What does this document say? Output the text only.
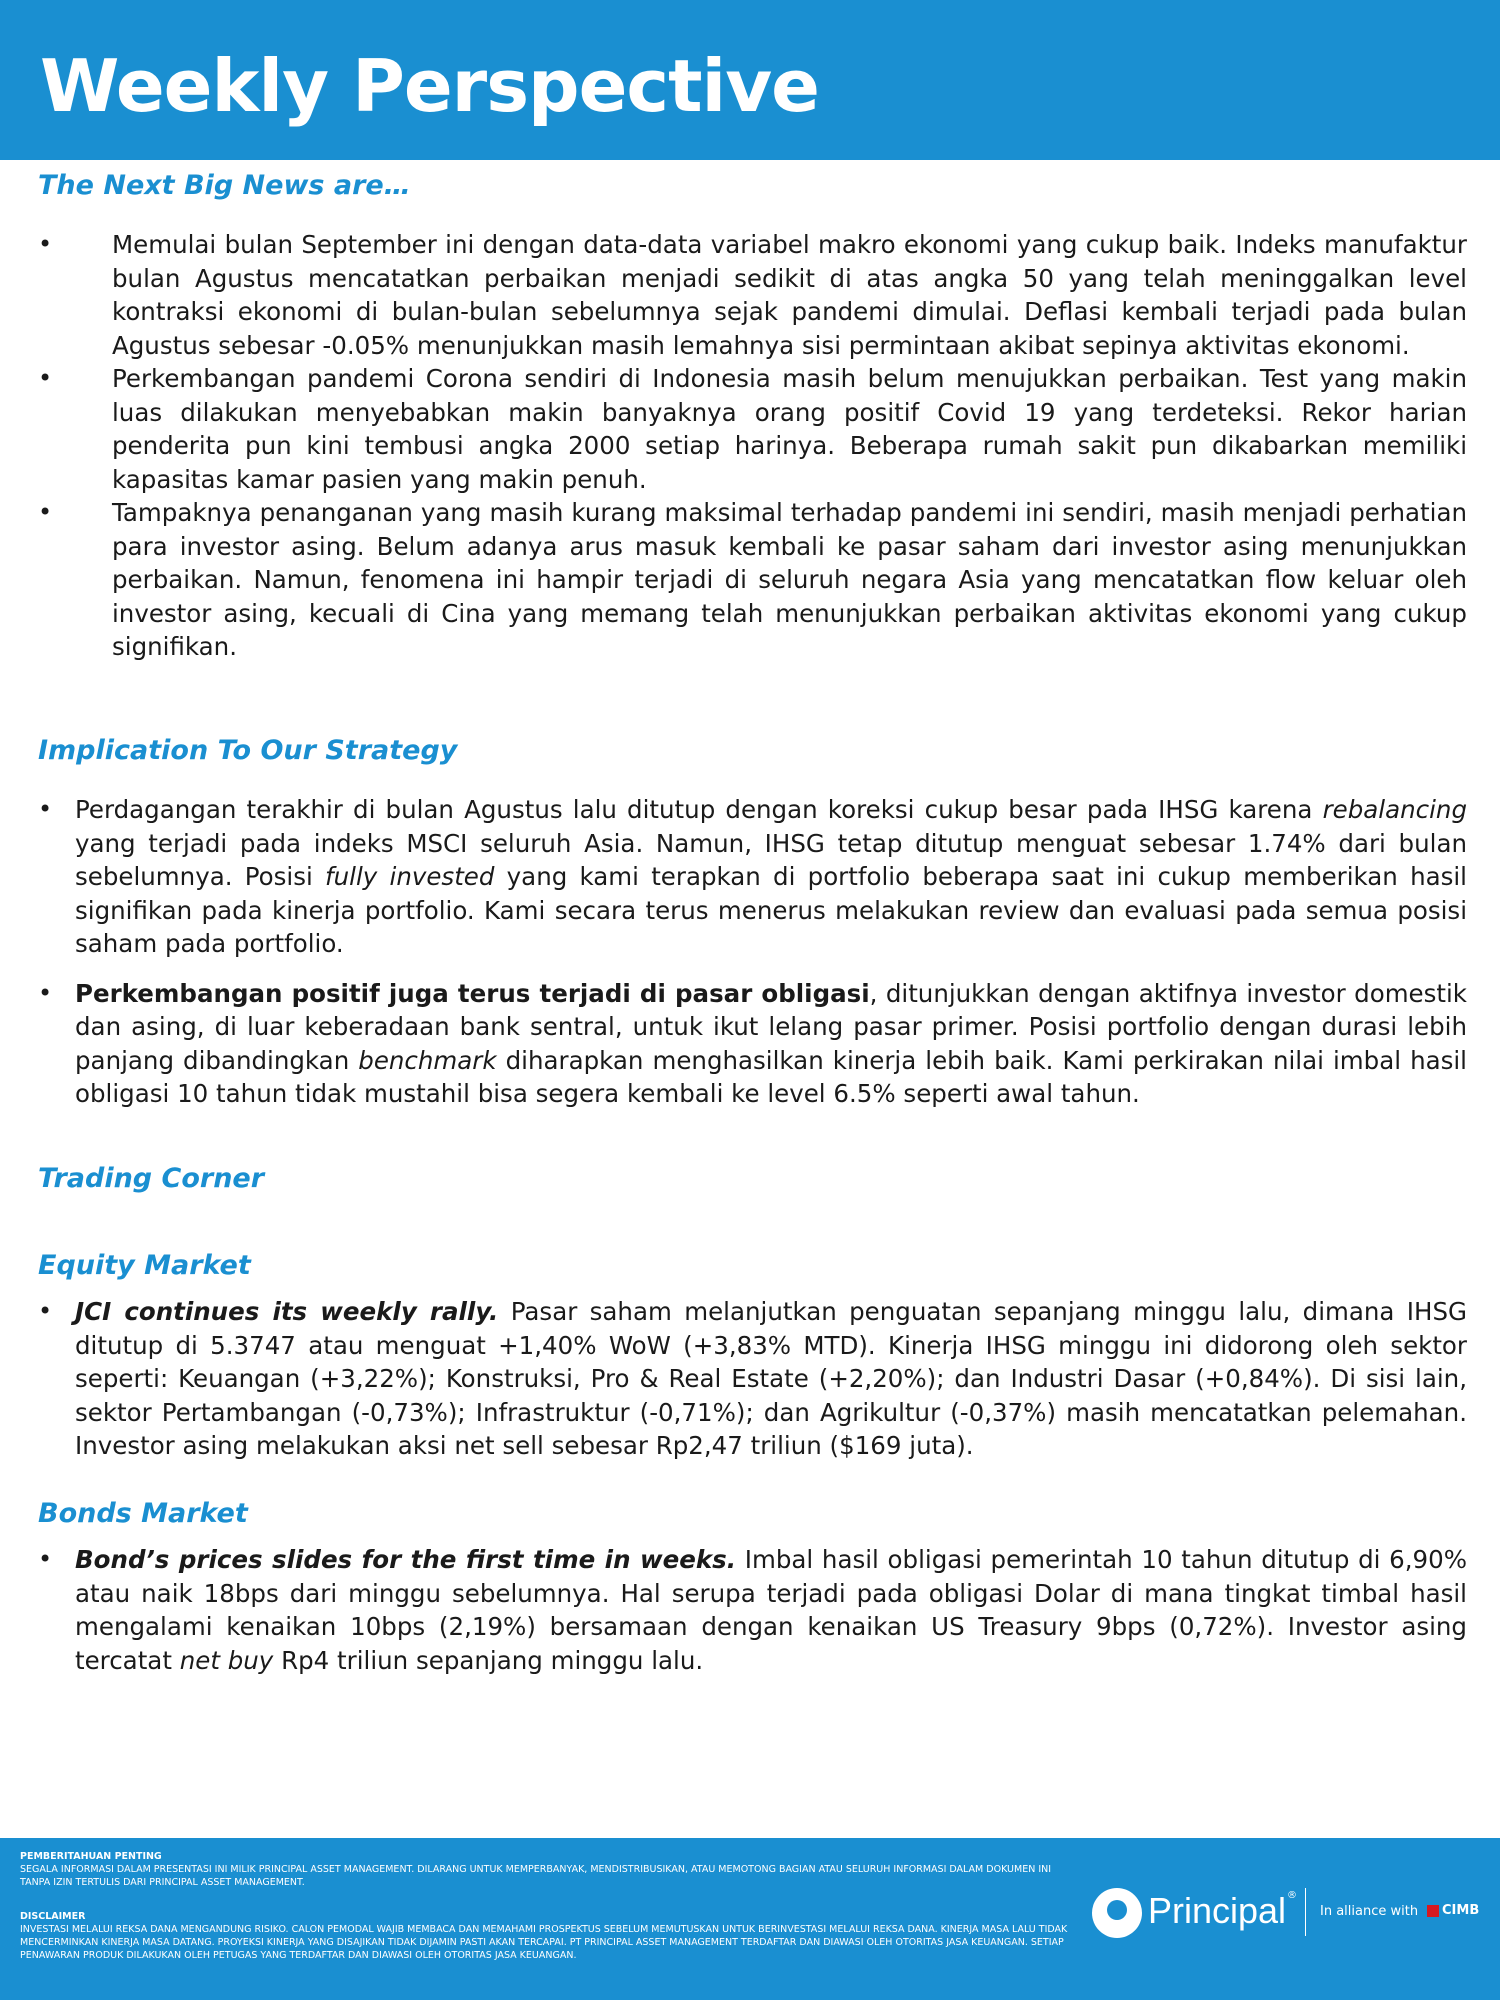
Weekly Perspective
The Next Big News are…
• Memulai bulan September ini dengan data-data variabel makro ekonomi yang cukup baik. Indeks manufaktur bulan Agustus mencatatkan perbaikan menjadi sedikit di atas angka 50 yang telah meninggalkan level kontraksi ekonomi di bulan-bulan sebelumnya sejak pandemi dimulai. Deflasi kembali terjadi pada bulan Agustus sebesar -0.05% menunjukkan masih lemahnya sisi permintaan akibat sepinya aktivitas ekonomi.
• Perkembangan pandemi Corona sendiri di Indonesia masih belum menujukkan perbaikan. Test yang makin luas dilakukan menyebabkan makin banyaknya orang positif Covid 19 yang terdeteksi. Rekor harian penderita pun kini tembusi angka 2000 setiap harinya. Beberapa rumah sakit pun dikabarkan memiliki kapasitas kamar pasien yang makin penuh.
• Tampaknya penanganan yang masih kurang maksimal terhadap pandemi ini sendiri, masih menjadi perhatian para investor asing. Belum adanya arus masuk kembali ke pasar saham dari investor asing menunjukkan perbaikan. Namun, fenomena ini hampir terjadi di seluruh negara Asia yang mencatatkan flow keluar oleh investor asing, kecuali di Cina yang memang telah menunjukkan perbaikan aktivitas ekonomi yang cukup signifikan.
Implication To Our Strategy
• Perdagangan terakhir di bulan Agustus lalu ditutup dengan koreksi cukup besar pada IHSG karena rebalancing yang terjadi pada indeks MSCI seluruh Asia. Namun, IHSG tetap ditutup menguat sebesar 1.74% dari bulan sebelumnya. Posisi fully invested yang kami terapkan di portfolio beberapa saat ini cukup memberikan hasil signifikan pada kinerja portfolio. Kami secara terus menerus melakukan review dan evaluasi pada semua posisi saham pada portfolio.
• Perkembangan positif juga terus terjadi di pasar obligasi, ditunjukkan dengan aktifnya investor domestik dan asing, di luar keberadaan bank sentral, untuk ikut lelang pasar primer. Posisi portfolio dengan durasi lebih panjang dibandingkan benchmark diharapkan menghasilkan kinerja lebih baik. Kami perkirakan nilai imbal hasil obligasi 10 tahun tidak mustahil bisa segera kembali ke level 6.5% seperti awal tahun.
Trading Corner
Equity Market
• JCI continues its weekly rally. Pasar saham melanjutkan penguatan sepanjang minggu lalu, dimana IHSG ditutup di 5.3747 atau menguat +1,40% WoW (+3,83% MTD). Kinerja IHSG minggu ini didorong oleh sektor seperti: Keuangan (+3,22%); Konstruksi, Pro & Real Estate (+2,20%); dan Industri Dasar (+0,84%). Di sisi lain, sektor Pertambangan (-0,73%); Infrastruktur (-0,71%); dan Agrikultur (-0,37%) masih mencatatkan pelemahan. Investor asing melakukan aksi net sell sebesar Rp2,47 triliun ($169 juta).
Bonds Market
• Bond’s prices slides for the first time in weeks. Imbal hasil obligasi pemerintah 10 tahun ditutup di 6,90% atau naik 18bps dari minggu sebelumnya. Hal serupa terjadi pada obligasi Dolar di mana tingkat timbal hasil mengalami kenaikan 10bps (2,19%) bersamaan dengan kenaikan US Treasury 9bps (0,72%). Investor asing tercatat net buy Rp4 triliun sepanjang minggu lalu.
PEMBERITAHUAN PENTING
SEGALA INFORMASI DALAM PRESENTASI INI MILIK PRINCIPAL ASSET MANAGEMENT. DILARANG UNTUK MEMPERBANYAK, MENDISTRIBUSIKAN, ATAU MEMOTONG BAGIAN ATAU SELURUH INFORMASI DALAM DOKUMEN INI TANPA IZIN TERTULIS DARI PRINCIPAL ASSET MANAGEMENT.
DISCLAIMER
INVESTASI MELALUI REKSA DANA MENGANDUNG RISIKO. CALON PEMODAL WAJIB MEMBACA DAN MEMAHAMI PROSPEKTUS SEBELUM MEMUTUSKAN UNTUK BERINVESTASI MELALUI REKSA DANA. KINERJA MASA LALU TIDAK MENCERMINKAN KINERJA MASA DATANG. PROYEKSI KINERJA YANG DISAJIKAN TIDAK DIJAMIN PASTI AKAN TERCAPAI. PT PRINCIPAL ASSET MANAGEMENT TERDAFTAR DAN DIAWASI OLEH OTORITAS JASA KEUANGAN. SETIAP PENAWARAN PRODUK DILAKUKAN OLEH PETUGAS YANG TERDAFTAR DAN DIAWASI OLEH OTORITAS JASA KEUANGAN.
Principal ®
In alliance with CIMB
